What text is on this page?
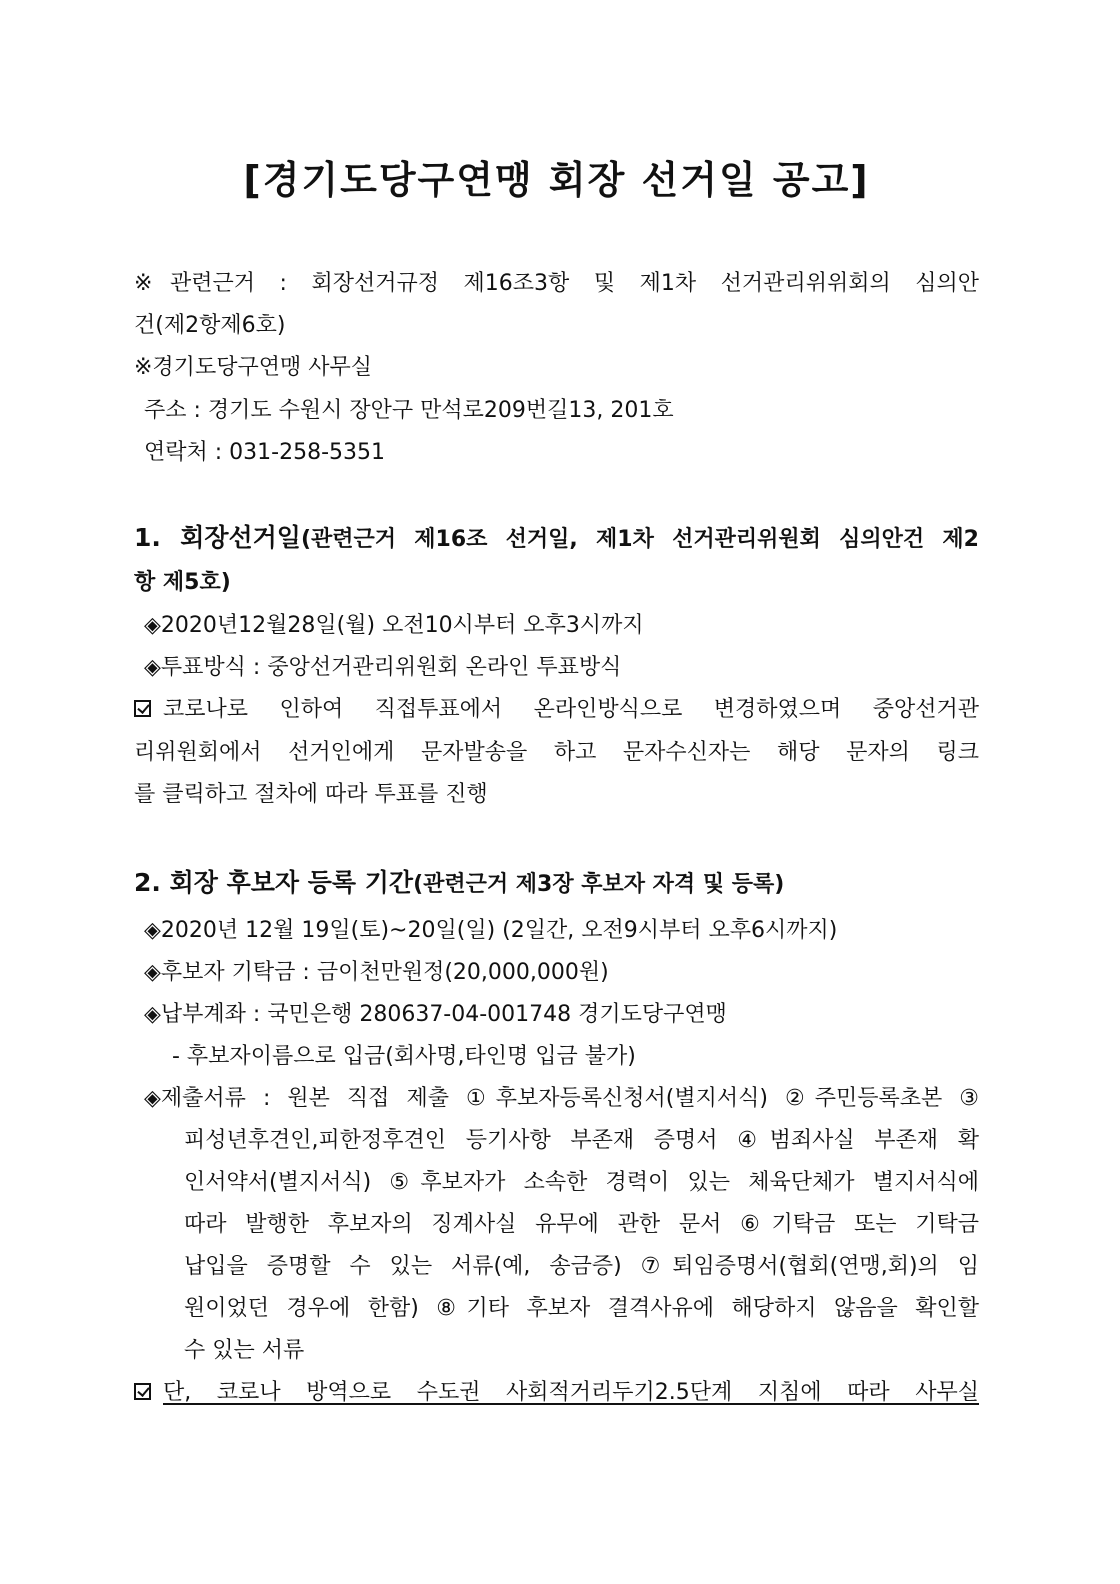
[경기도당구연맹 회장 선거일 공고]
※관련근거 : 회장선거규정 제16조3항 및 제1차 선거관리위위회의 심의안
건(제2항제6호)
※경기도당구연맹 사무실
주소 : 경기도 수원시 장안구 만석로209번길13, 201호
연락처 : 031-258-5351
1. 회장선거일(관련근거 제16조 선거일, 제1차 선거관리위원회 심의안건 제2
항 제5호)
◈2020년12월28일(월) 오전10시부터 오후3시까지
◈투표방식 : 중앙선거관리위원회 온라인 투표방식
코로나로 인하여 직접투표에서 온라인방식으로 변경하였으며 중앙선거관
리위원회에서 선거인에게 문자발송을 하고 문자수신자는 해당 문자의 링크
를 클릭하고 절차에 따라 투표를 진행
2. 회장 후보자 등록 기간(관련근거 제3장 후보자 자격 및 등록)
◈2020년 12월 19일(토)~20일(일) (2일간, 오전9시부터 오후6시까지)
◈후보자 기탁금 : 금이천만원정(20,000,000원)
◈납부계좌 : 국민은행 280637-04-001748 경기도당구연맹
- 후보자이름으로 입금(회사명,타인명 입금 불가)
◈제출서류 : 원본 직접 제출 ①후보자등록신청서(별지서식) ②주민등록초본 ③
피성년후견인,피한정후견인 등기사항 부존재 증명서 ④범죄사실 부존재 확
인서약서(별지서식) ⑤후보자가 소속한 경력이 있는 체육단체가 별지서식에
따라 발행한 후보자의 징계사실 유무에 관한 문서 ⑥기탁금 또는 기탁금
납입을 증명할 수 있는 서류(예, 송금증) ⑦퇴임증명서(협회(연맹,회)의 임
원이었던 경우에 한함) ⑧기타 후보자 결격사유에 해당하지 않음을 확인할
수 있는 서류
단, 코로나 방역으로 수도권 사회적거리두기2.5단계 지침에 따라 사무실
